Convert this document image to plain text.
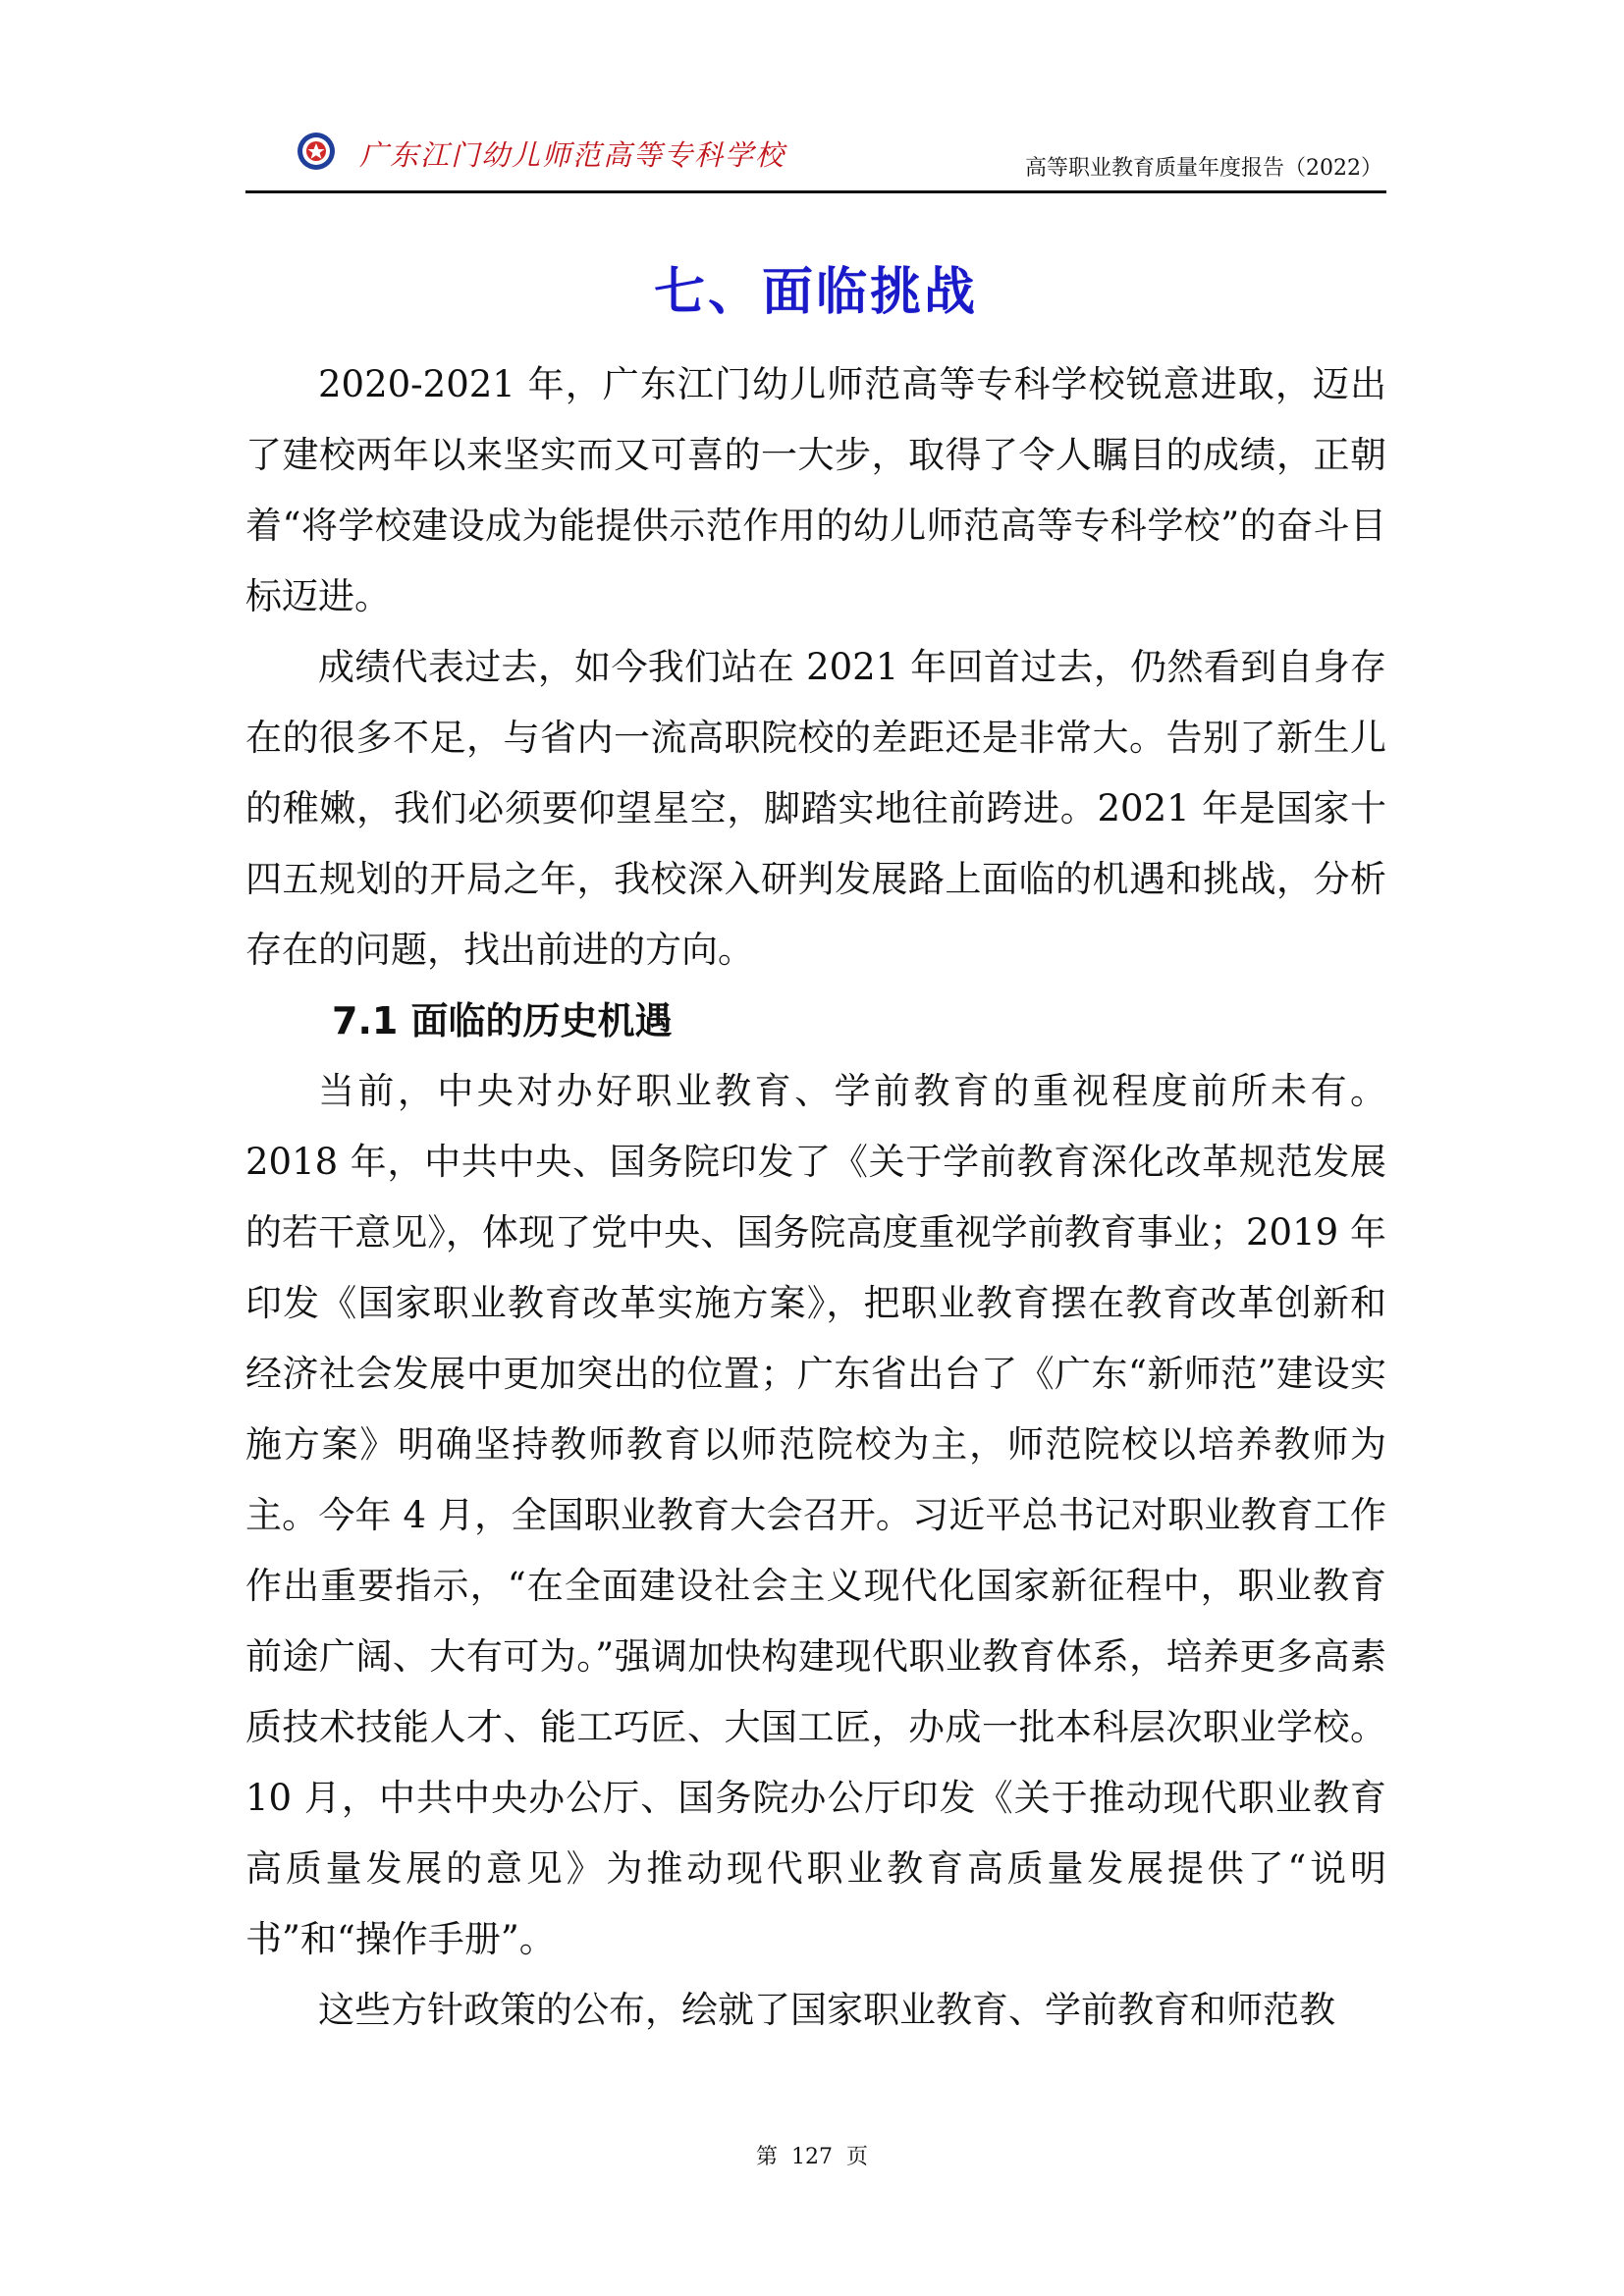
广东江门幼儿师范高等专科学校	高等职业教育质量年度报告（2022）
七、面临挑战

2020-2021 年，广东江门幼儿师范高等专科学校锐意进取，迈出了建校两年以来坚实而又可喜的一大步，取得了令人瞩目的成绩，正朝着“将学校建设成为能提供示范作用的幼儿师范高等专科学校”的奋斗目标迈进。

成绩代表过去，如今我们站在 2021 年回首过去，仍然看到自身存在的很多不足，与省内一流高职院校的差距还是非常大。告别了新生儿的稚嫩，我们必须要仰望星空，脚踏实地往前跨进。2021 年是国家十四五规划的开局之年，我校深入研判发展路上面临的机遇和挑战，分析存在的问题，找出前进的方向。

7.1 面临的历史机遇

当前，中央对办好职业教育、学前教育的重视程度前所未有。2018 年，中共中央、国务院印发了《关于学前教育深化改革规范发展的若干意见》，体现了党中央、国务院高度重视学前教育事业；2019 年印发《国家职业教育改革实施方案》，把职业教育摆在教育改革创新和经济社会发展中更加突出的位置；广东省出台了《广东“新师范”建设实施方案》明确坚持教师教育以师范院校为主，师范院校以培养教师为主。今年 4 月，全国职业教育大会召开。习近平总书记对职业教育工作作出重要指示，“在全面建设社会主义现代化国家新征程中，职业教育前途广阔、大有可为。”强调加快构建现代职业教育体系，培养更多高素质技术技能人才、能工巧匠、大国工匠，办成一批本科层次职业学校。10 月，中共中央办公厅、国务院办公厅印发《关于推动现代职业教育高质量发展的意见》为推动现代职业教育高质量发展提供了“说明书”和“操作手册”。

这些方针政策的公布，绘就了国家职业教育、学前教育和师范教

第  127  页
